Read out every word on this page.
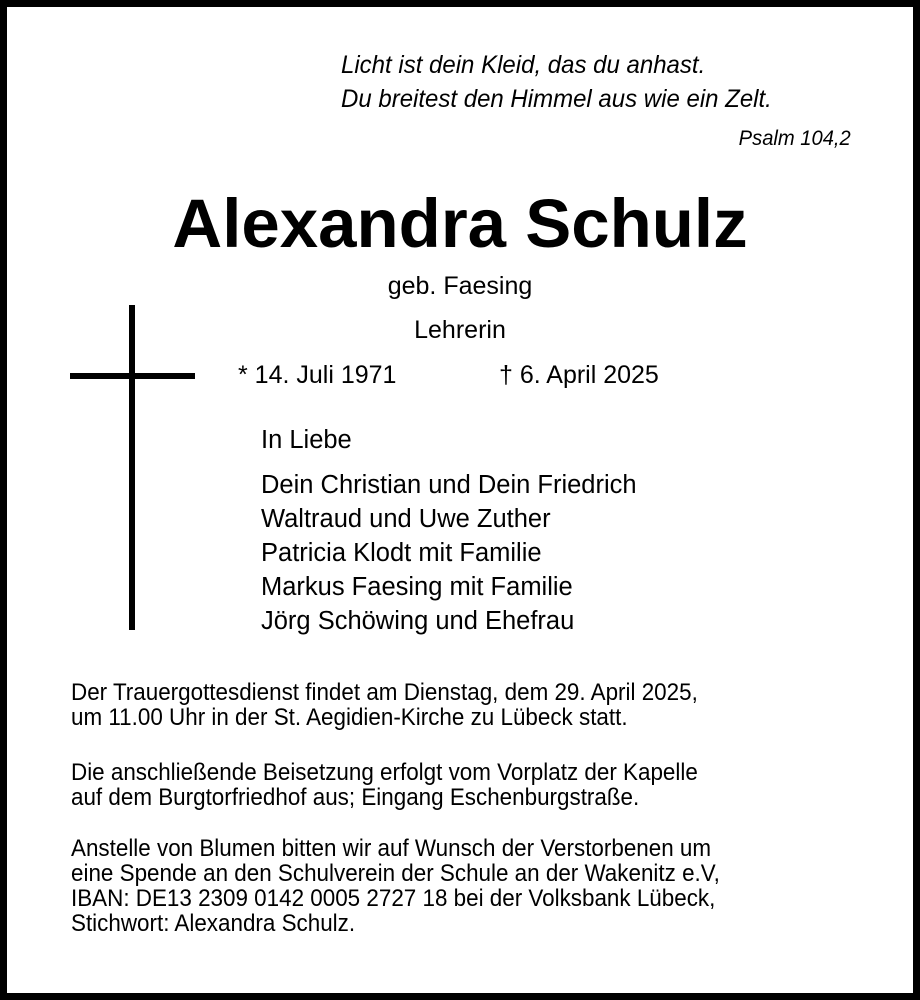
Licht ist dein Kleid, das du anhast.
Du breitest den Himmel aus wie ein Zelt.
Psalm 104,2
Alexandra Schulz
geb. Faesing
Lehrerin
* 14. Juli 1971	† 6. April 2025
In Liebe
Dein Christian und Dein Friedrich
Waltraud und Uwe Zuther
Patricia Klodt mit Familie
Markus Faesing mit Familie
Jörg Schöwing und Ehefrau
Der Trauergottesdienst findet am Dienstag, dem 29. April 2025,
um 11.00 Uhr in der St. Aegidien-Kirche zu Lübeck statt.
Die anschließende Beisetzung erfolgt vom Vorplatz der Kapelle
auf dem Burgtorfriedhof aus; Eingang Eschenburgstraße.
Anstelle von Blumen bitten wir auf Wunsch der Verstorbenen um
eine Spende an den Schulverein der Schule an der Wakenitz e.V,
IBAN: DE13 2309 0142 0005 2727 18 bei der Volksbank Lübeck,
Stichwort: Alexandra Schulz.
